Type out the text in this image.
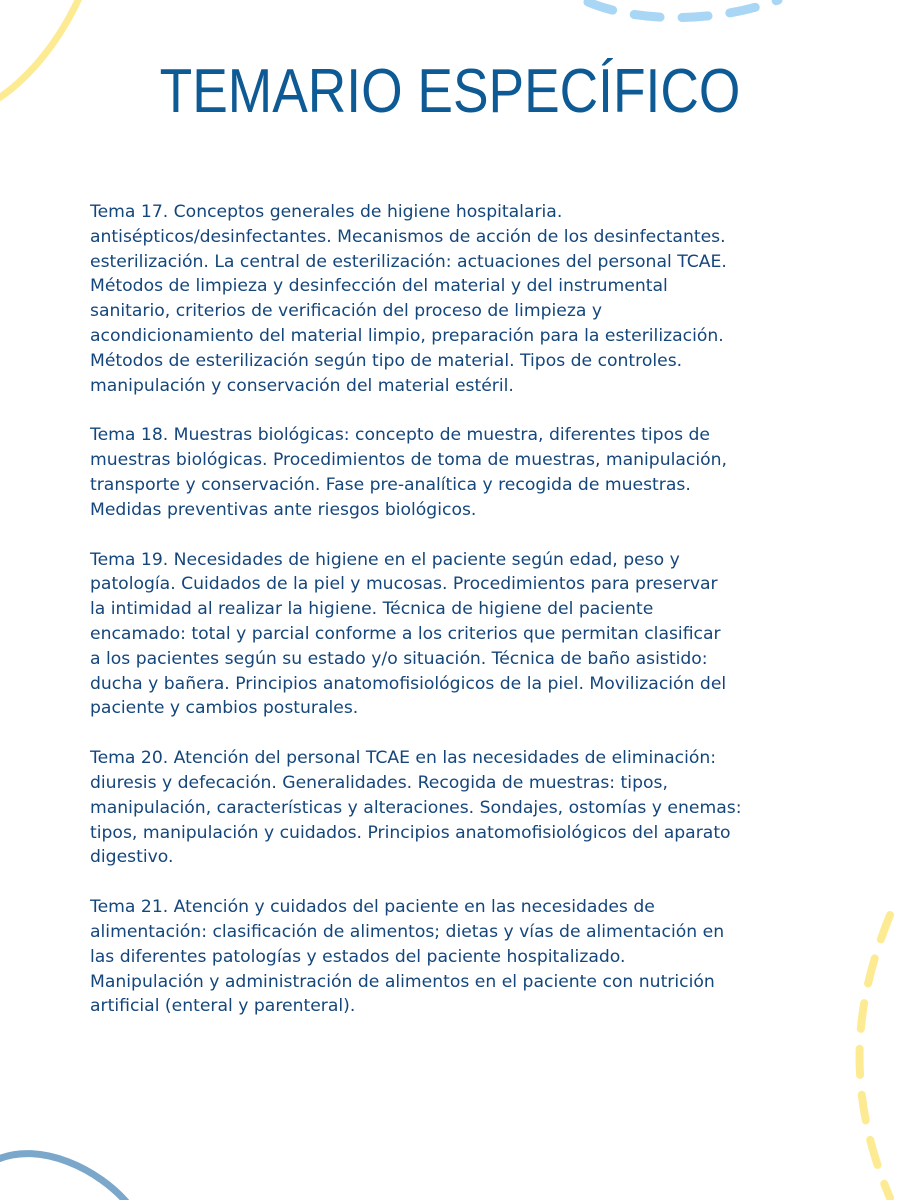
TEMARIO ESPECÍFICO
Tema 17. Conceptos generales de higiene hospitalaria.
antisépticos/desinfectantes. Mecanismos de acción de los desinfectantes.
esterilización. La central de esterilización: actuaciones del personal TCAE.
Métodos de limpieza y desinfección del material y del instrumental
sanitario, criterios de verificación del proceso de limpieza y
acondicionamiento del material limpio, preparación para la esterilización.
Métodos de esterilización según tipo de material. Tipos de controles.
manipulación y conservación del material estéril.
Tema 18. Muestras biológicas: concepto de muestra, diferentes tipos de
muestras biológicas. Procedimientos de toma de muestras, manipulación,
transporte y conservación. Fase pre-analítica y recogida de muestras.
Medidas preventivas ante riesgos biológicos.
Tema 19. Necesidades de higiene en el paciente según edad, peso y
patología. Cuidados de la piel y mucosas. Procedimientos para preservar
la intimidad al realizar la higiene. Técnica de higiene del paciente
encamado: total y parcial conforme a los criterios que permitan clasificar
a los pacientes según su estado y/o situación. Técnica de baño asistido:
ducha y bañera. Principios anatomofisiológicos de la piel. Movilización del
paciente y cambios posturales.
Tema 20. Atención del personal TCAE en las necesidades de eliminación:
diuresis y defecación. Generalidades. Recogida de muestras: tipos,
manipulación, características y alteraciones. Sondajes, ostomías y enemas:
tipos, manipulación y cuidados. Principios anatomofisiológicos del aparato
digestivo.
Tema 21. Atención y cuidados del paciente en las necesidades de
alimentación: clasificación de alimentos; dietas y vías de alimentación en
las diferentes patologías y estados del paciente hospitalizado.
Manipulación y administración de alimentos en el paciente con nutrición
artificial (enteral y parenteral).
